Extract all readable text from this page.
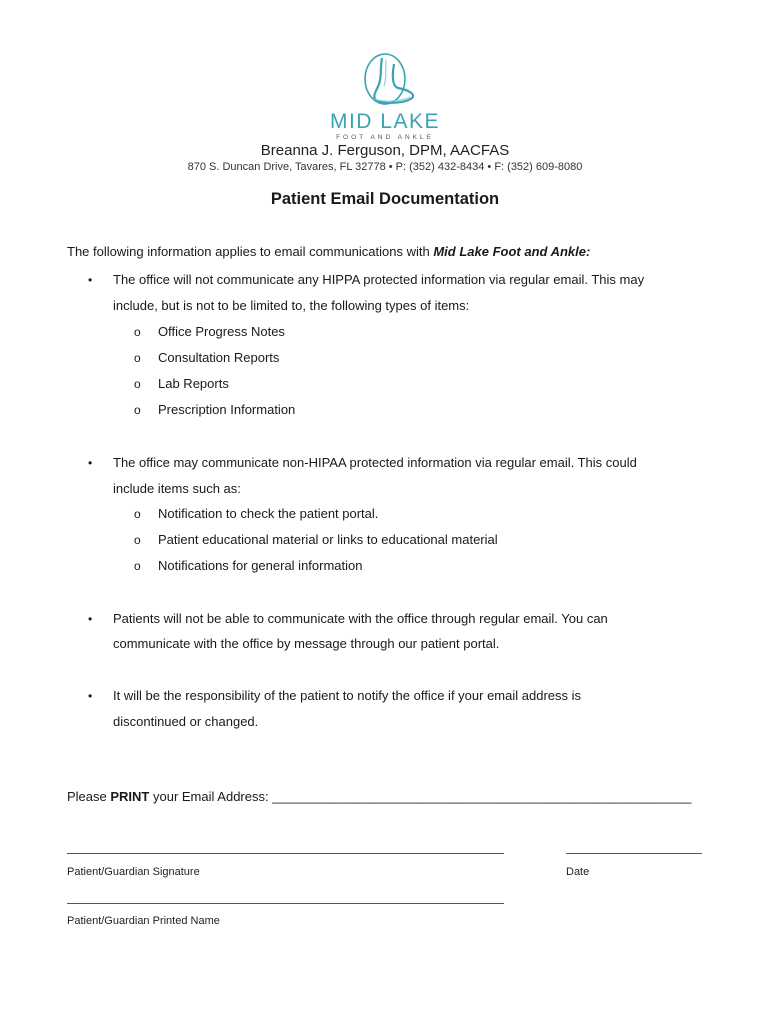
MID LAKE
FOOT AND ANKLE
Breanna J. Ferguson, DPM, AACFAS
870 S. Duncan Drive, Tavares, FL 32778 • P: (352) 432-8434 • F: (352) 609-8080
Patient Email Documentation
The following information applies to email communications with Mid Lake Foot and Ankle:
• The office will not communicate any HIPPA protected information via regular email. This may
include, but is not to be limited to, the following types of items:
o Office Progress Notes
o Consultation Reports
o Lab Reports
o Prescription Information
• The office may communicate non-HIPAA protected information via regular email. This could
include items such as:
o Notification to check the patient portal.
o Patient educational material or links to educational material
o Notifications for general information
• Patients will not be able to communicate with the office through regular email. You can
communicate with the office by message through our patient portal.
• It will be the responsibility of the patient to notify the office if your email address is
discontinued or changed.
Please PRINT your Email Address: __________________________________________________________
Patient/Guardian Signature	Date
Patient/Guardian Printed Name
